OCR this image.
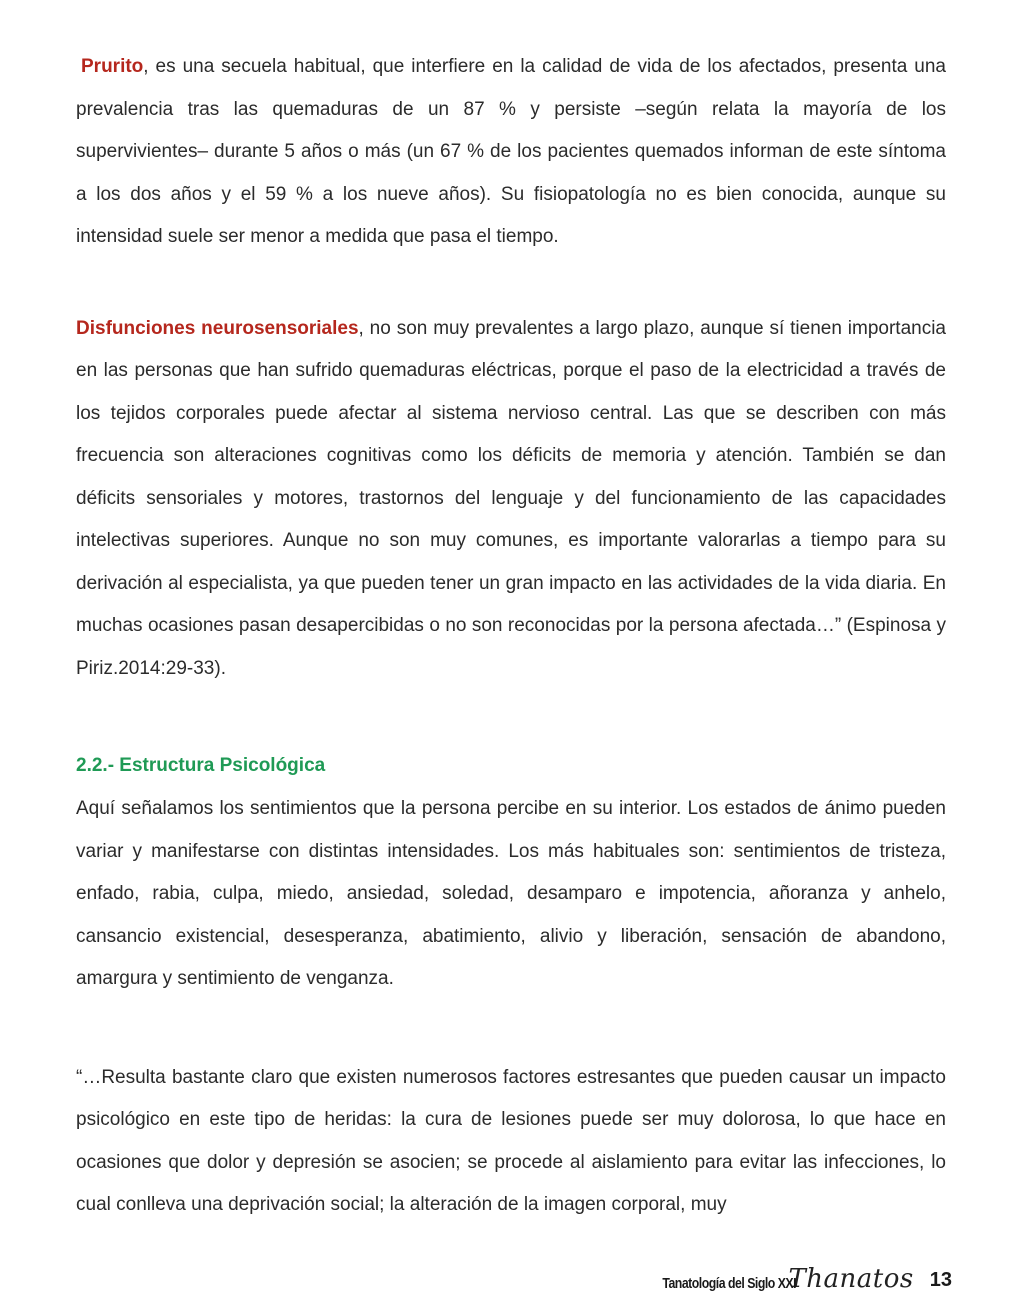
Prurito, es una secuela habitual, que interfiere en la calidad de vida de los afectados, presenta una prevalencia tras las quemaduras de un 87 % y persiste –según relata la mayoría de los supervivientes– durante 5 años o más (un 67 % de los pacientes quemados informan de este síntoma a los dos años y el 59 % a los nueve años). Su fisiopatología no es bien conocida, aunque su intensidad suele ser menor a medida que pasa el tiempo.

Disfunciones neurosensoriales, no son muy prevalentes a largo plazo, aunque sí tienen importancia en las personas que han sufrido quemaduras eléctricas, porque el paso de la electricidad a través de los tejidos corporales puede afectar al sistema nervioso central. Las que se describen con más frecuencia son alteraciones cognitivas como los déficits de memoria y atención. También se dan déficits sensoriales y motores, trastornos del lenguaje y del funcionamiento de las capacidades intelectivas superiores. Aunque no son muy comunes, es importante valorarlas a tiempo para su derivación al especialista, ya que pueden tener un gran impacto en las actividades de la vida diaria. En muchas ocasiones pasan desapercibidas o no son reconocidas por la persona afectada…” (Espinosa y Piriz.2014:29-33).

2.2.- Estructura Psicológica

Aquí señalamos los sentimientos que la persona percibe en su interior. Los estados de ánimo pueden variar y manifestarse con distintas intensidades. Los más habituales son: sentimientos de tristeza, enfado, rabia, culpa, miedo, ansiedad, soledad, desamparo e impotencia, añoranza y anhelo, cansancio existencial, desesperanza, abatimiento, alivio y liberación, sensación de abandono, amargura y sentimiento de venganza.

“…Resulta bastante claro que existen numerosos factores estresantes que pueden causar un impacto psicológico en este tipo de heridas: la cura de lesiones puede ser muy dolorosa, lo que hace en ocasiones que dolor y depresión se asocien; se procede al aislamiento para evitar las infecciones, lo cual conlleva una deprivación social; la alteración de la imagen corporal, muy

Tanatología del Siglo XXI
Thanatos 13
